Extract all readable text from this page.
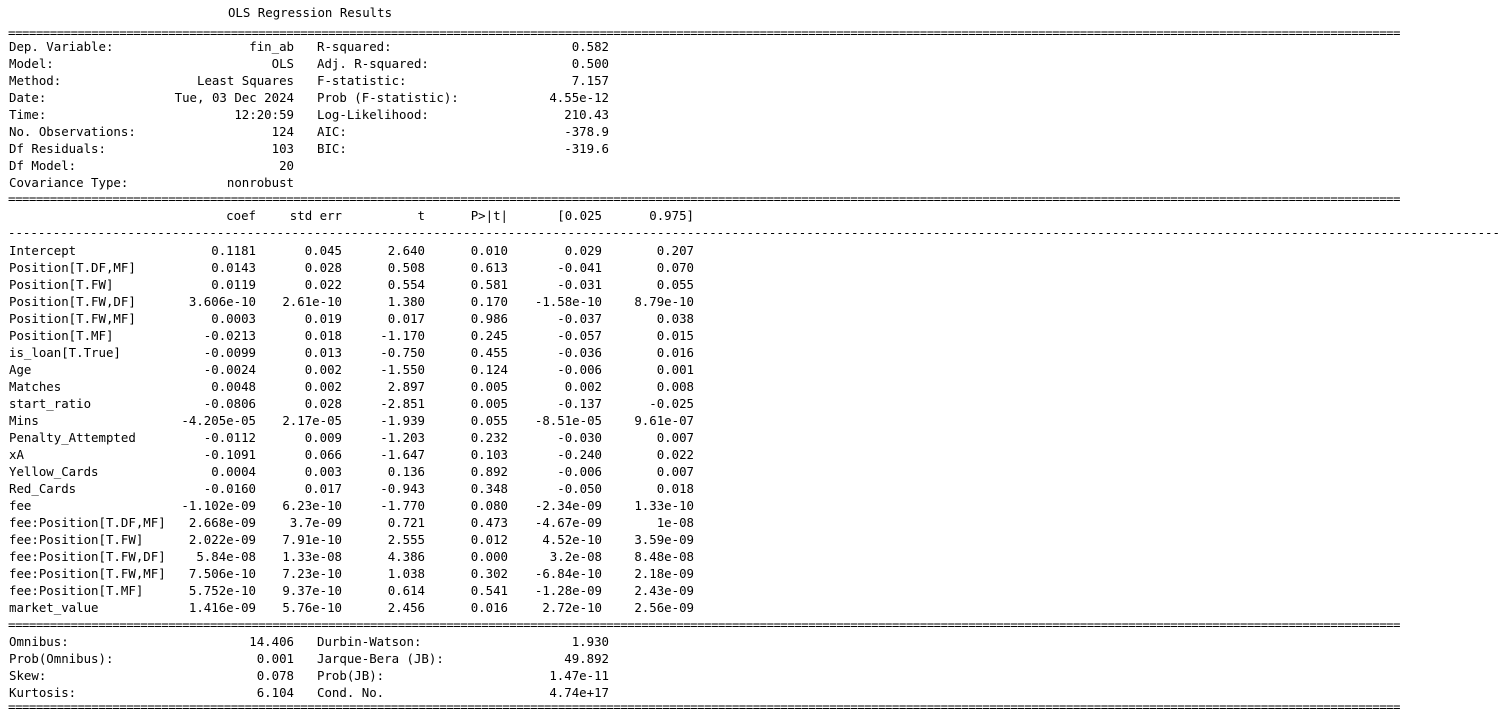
OLS Regression Results
========================================================================================================================================================================================================
Dep. Variable:	fin_ab R-squared:	0.582
Model:	OLS Adj. R-squared:	0.500
Method:	Least Squares F-statistic:	7.157
Date:	Tue, 03 Dec 2024 Prob (F-statistic):	4.55e-12
Time:	12:20:59 Log-Likelihood:	210.43
No. Observations:	124 AIC:	-378.9
Df Residuals:	103 BIC:	-319.6
Df Model:	20
Covariance Type:	nonrobust
========================================================================================================================================================================================================
coef	std err	t	P>|t|	[0.025	0.975]
--------------------------------------------------------------------------------------------------------------------------------------------------------------------------------------------------------
Intercept	0.1181	0.045	2.640	0.010	0.029	0.207
Position[T.DF,MF]	0.0143	0.028	0.508	0.613	-0.041	0.070
Position[T.FW]	0.0119	0.022	0.554	0.581	-0.031	0.055
Position[T.FW,DF]	3.606e-10	2.61e-10	1.380	0.170	-1.58e-10	8.79e-10
Position[T.FW,MF]	0.0003	0.019	0.017	0.986	-0.037	0.038
Position[T.MF]	-0.0213	0.018	-1.170	0.245	-0.057	0.015
is_loan[T.True]	-0.0099	0.013	-0.750	0.455	-0.036	0.016
Age	-0.0024	0.002	-1.550	0.124	-0.006	0.001
Matches	0.0048	0.002	2.897	0.005	0.002	0.008
start_ratio	-0.0806	0.028	-2.851	0.005	-0.137	-0.025
Mins	-4.205e-05	2.17e-05	-1.939	0.055	-8.51e-05	9.61e-07
Penalty_Attempted	-0.0112	0.009	-1.203	0.232	-0.030	0.007
xA	-0.1091	0.066	-1.647	0.103	-0.240	0.022
Yellow_Cards	0.0004	0.003	0.136	0.892	-0.006	0.007
Red_Cards	-0.0160	0.017	-0.943	0.348	-0.050	0.018
fee	-1.102e-09	6.23e-10	-1.770	0.080	-2.34e-09	1.33e-10
fee:Position[T.DF,MF]	2.668e-09	3.7e-09	0.721	0.473	-4.67e-09	1e-08
fee:Position[T.FW]	2.022e-09	7.91e-10	2.555	0.012	4.52e-10	3.59e-09
fee:Position[T.FW,DF]	5.84e-08	1.33e-08	4.386	0.000	3.2e-08	8.48e-08
fee:Position[T.FW,MF]	7.506e-10	7.23e-10	1.038	0.302	-6.84e-10	2.18e-09
fee:Position[T.MF]	5.752e-10	9.37e-10	0.614	0.541	-1.28e-09	2.43e-09
market_value	1.416e-09	5.76e-10	2.456	0.016	2.72e-10	2.56e-09
========================================================================================================================================================================================================
Omnibus:	14.406 Durbin-Watson:	1.930
Prob(Omnibus):	0.001 Jarque-Bera (JB):	49.892
Skew:	0.078 Prob(JB):	1.47e-11
Kurtosis:	6.104 Cond. No.	4.74e+17
========================================================================================================================================================================================================
